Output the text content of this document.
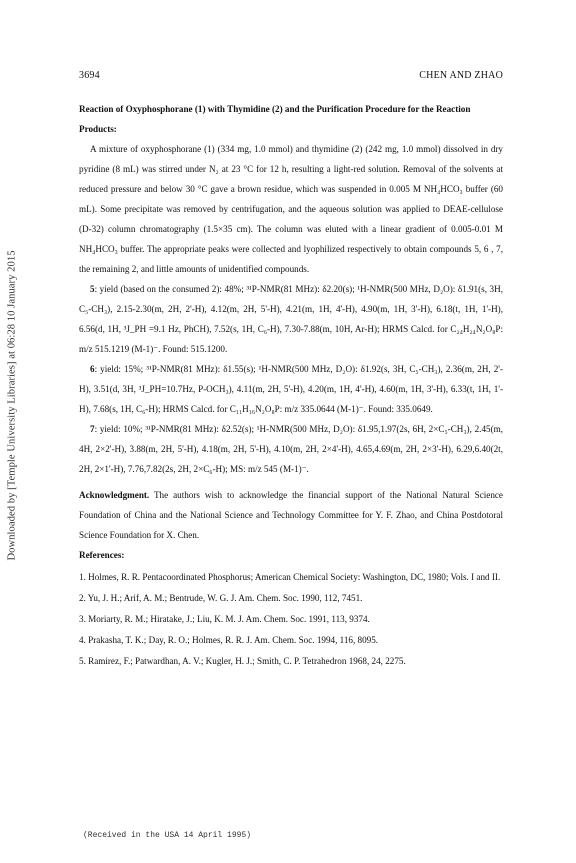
Downloaded by [Temple University Libraries] at 06:28 10 January 2015
3694	CHEN AND ZHAO

Reaction of Oxyphosphorane (1) with Thymidine (2) and the Purification Procedure for the Reaction Products:

A mixture of oxyphosphorane (1) (334 mg, 1.0 mmol) and thymidine (2) (242 mg, 1.0 mmol) dissolved in dry pyridine (8 mL) was stirred under N₂ at 23 °C for 12 h, resulting a light-red solution. Removal of the solvents at reduced pressure and below 30 °C gave a brown residue, which was suspended in 0.005 M NH₄HCO₃ buffer (60 mL). Some precipitate was removed by centrifugation, and the aqueous solution was applied to DEAE-cellulose (D-32) column chromatography (1.5×35 cm). The column was eluted with a linear gradient of 0.005-0.01 M NH₄HCO₃ buffer. The appropriate peaks were collected and lyophilized respectively to obtain compounds 5, 6 , 7, the remaining 2, and little amounts of unidentified compounds.

5: yield (based on the consumed 2): 48%; ³¹P-NMR(81 MHz): δ2.20(s); ¹H-NMR(500 MHz, D₂O): δ1.91(s, 3H, C₅-CH₃), 2.15-2.30(m, 2H, 2'-H), 4.12(m, 2H, 5'-H), 4.21(m, 1H, 4'-H), 4.90(m, 1H, 3'-H), 6.18(t, 1H, 1'-H), 6.56(d, 1H, ³J_PH =9.1 Hz, PhCH), 7.52(s, 1H, C₆-H), 7.30-7.88(m, 10H, Ar-H); HRMS Calcd. for C₂₄H₂₄N₂O₈P: m/z 515.1219 (M-1)⁻. Found: 515.1200.

6: yield: 15%; ³¹P-NMR(81 MHz): δ1.55(s); ¹H-NMR(500 MHz, D₂O): δ1.92(s, 3H, C₅-CH₃), 2.36(m, 2H, 2'-H), 3.51(d, 3H, ³J_PH=10.7Hz, P-OCH₃), 4.11(m, 2H, 5'-H), 4.20(m, 1H, 4'-H), 4.60(m, 1H, 3'-H), 6.33(t, 1H, 1'-H), 7.68(s, 1H, C₆-H); HRMS Calcd. for C₁₁H₁₆N₂O₈P: m/z 335.0644 (M-1)⁻. Found: 335.0649.

7: yield: 10%; ³¹P-NMR(81 MHz): δ2.52(s); ¹H-NMR(500 MHz, D₂O): δ1.95,1.97(2s, 6H, 2×C₅-CH₃), 2.45(m, 4H, 2×2'-H), 3.88(m, 2H, 5'-H), 4.18(m, 2H, 5'-H), 4.10(m, 2H, 2×4'-H), 4.65,4.69(m, 2H, 2×3'-H), 6.29,6.40(2t, 2H, 2×1'-H), 7.76,7.82(2s, 2H, 2×C₆-H); MS: m/z 545 (M-1)⁻.

Acknowledgment. The authors wish to acknowledge the financial support of the National Natural Science Foundation of China and the National Science and Technology Committee for Y. F. Zhao, and China Postdotoral Science Foundation for X. Chen.

References:

1. Holmes, R. R. Pentacoordinated Phosphorus; American Chemical Society: Washington, DC, 1980; Vols. I and II.
2. Yu, J. H.; Arif, A. M.; Bentrude, W. G. J. Am. Chem. Soc. 1990, 112, 7451.
3. Moriarty, R. M.; Hiratake, J.; Liu, K. M. J. Am. Chem. Soc. 1991, 113, 9374.
4. Prakasha, T. K.; Day, R. O.; Holmes, R. R. J. Am. Chem. Soc. 1994, 116, 8095.
5. Ramirez, F.; Patwardhan, A. V.; Kugler, H. J.; Smith, C. P. Tetrahedron 1968, 24, 2275.
(Received in the USA 14 April 1995)
